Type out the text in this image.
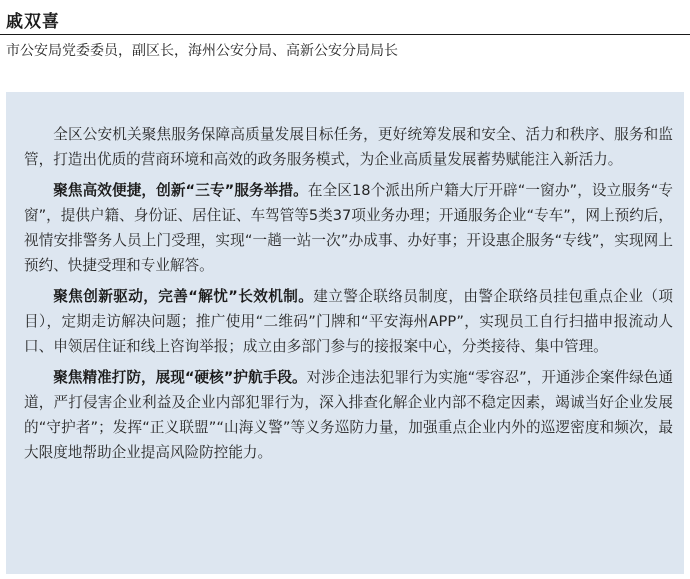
戚双喜
市公安局党委委员，副区长，海州公安分局、高新公安分局局长

全区公安机关聚焦服务保障高质量发展目标任务，更好统筹发展和安全、活力和秩序、服务和监管，打造出优质的营商环境和高效的政务服务模式，为企业高质量发展蓄势赋能注入新活力。

聚焦高效便捷，创新“三专”服务举措。在全区18个派出所户籍大厅开辟“一窗办”，设立服务“专窗”，提供户籍、身份证、居住证、车驾管等5类37项业务办理；开通服务企业“专车”，网上预约后，视情安排警务人员上门受理，实现“一趟一站一次”办成事、办好事；开设惠企服务“专线”，实现网上预约、快捷受理和专业解答。

聚焦创新驱动，完善“解忧”长效机制。建立警企联络员制度，由警企联络员挂包重点企业（项目），定期走访解决问题；推广使用“二维码”门牌和“平安海州APP”，实现员工自行扫描申报流动人口、申领居住证和线上咨询举报；成立由多部门参与的接报案中心，分类接待、集中管理。

聚焦精准打防，展现“硬核”护航手段。对涉企违法犯罪行为实施“零容忍”，开通涉企案件绿色通道，严打侵害企业利益及企业内部犯罪行为，深入排查化解企业内部不稳定因素，竭诚当好企业发展的“守护者”；发挥“正义联盟”“山海义警”等义务巡防力量，加强重点企业内外的巡逻密度和频次，最大限度地帮助企业提高风险防控能力。
